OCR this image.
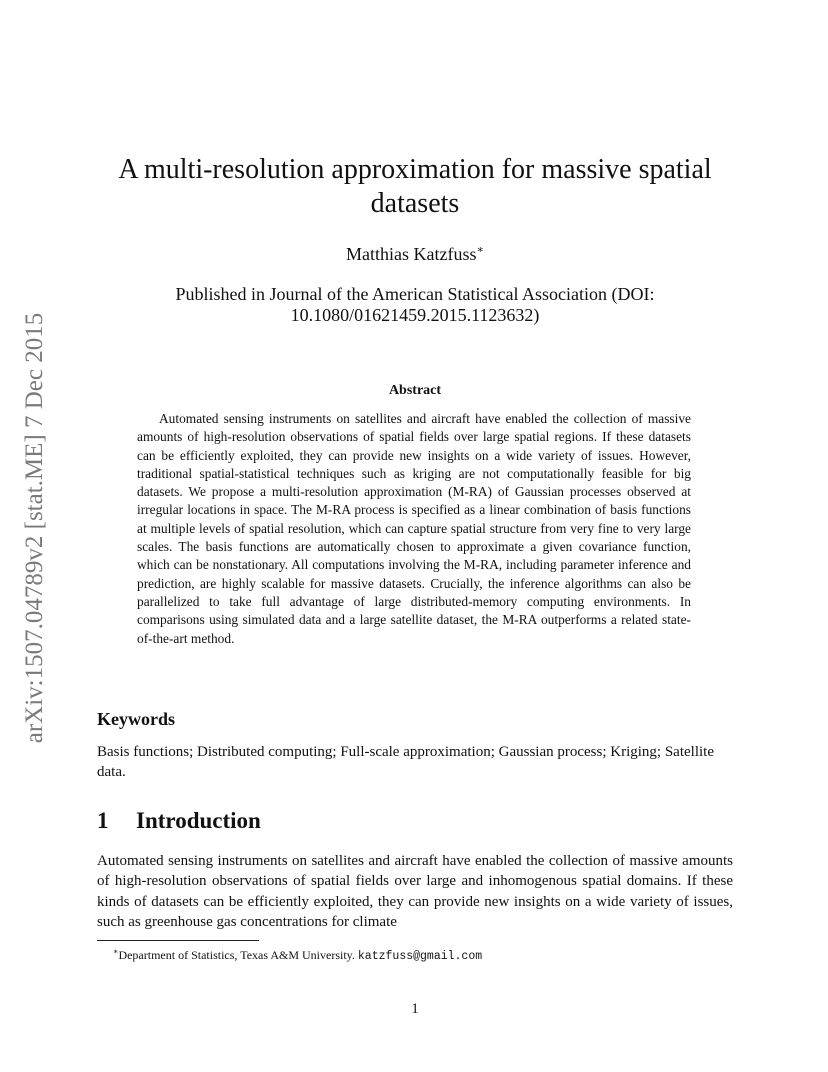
arXiv:1507.04789v2 [stat.ME] 7 Dec 2015
A multi-resolution approximation for massive spatial datasets
Matthias Katzfuss∗
Published in Journal of the American Statistical Association (DOI: 10.1080/01621459.2015.1123632)
Abstract

Automated sensing instruments on satellites and aircraft have enabled the collection of massive amounts of high-resolution observations of spatial fields over large spatial regions. If these datasets can be efficiently exploited, they can provide new insights on a wide variety of issues. However, traditional spatial-statistical techniques such as kriging are not computationally feasible for big datasets. We propose a multi-resolution approximation (M-RA) of Gaussian processes observed at irregular locations in space. The M-RA process is specified as a linear combination of basis functions at multiple levels of spatial resolution, which can capture spatial structure from very fine to very large scales. The basis functions are automatically chosen to approximate a given covariance function, which can be nonstationary. All computations involving the M-RA, including parameter inference and prediction, are highly scalable for massive datasets. Crucially, the inference algorithms can also be parallelized to take full advantage of large distributed-memory computing environments. In comparisons using simulated data and a large satellite dataset, the M-RA outperforms a related state-of-the-art method.

Keywords

Basis functions; Distributed computing; Full-scale approximation; Gaussian process; Kriging; Satellite data.

1 Introduction

Automated sensing instruments on satellites and aircraft have enabled the collection of massive amounts of high-resolution observations of spatial fields over large and inhomogenous spatial domains. If these kinds of datasets can be efficiently exploited, they can provide new insights on a wide variety of issues, such as greenhouse gas concentrations for climate

∗Department of Statistics, Texas A&M University. katzfuss@gmail.com
1
